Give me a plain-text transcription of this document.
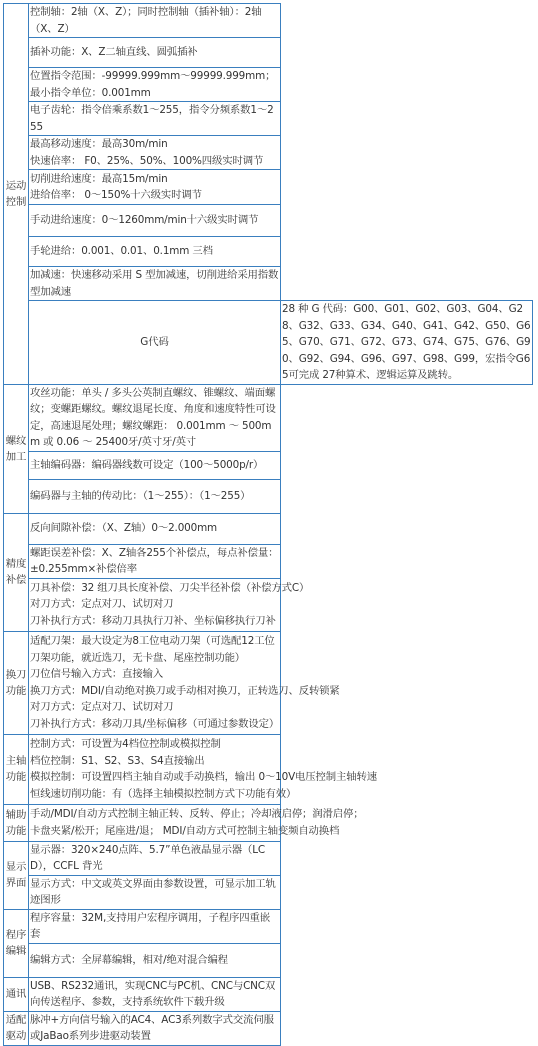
运动控制	控制轴：2轴（X、Z）；同时控制轴（插补轴）：2轴（X、Z）	
	插补功能：X、Z二轴直线、圆弧插补	
	位置指令范围：-99999.999mm～99999.999mm；最小指令单位：0.001mm	
	电子齿轮：指令倍乘系数1～255，指令分频系数1～255	

	最高移动速度：最高30m/min
快速倍率： F0、25%、50%、100%四级实时调节	

	切削进给速度：最高15m/min
进给倍率： 0～150%十六级实时调节	

	手动进给速度：0～1260mm/min十六级实时调节	
	手轮进给：0.001、0.01、0.1mm 三档	
	加减速：快速移动采用 S 型加减速，切削进给采用指数型加减速	
	G代码	28 种 G 代码：G00、G01、G02、G03、G04、G28、G32、G33、G34、G40、G41、G42、G50、G65、G70、G71、G72、G73、G74、G75、G76、G90、G92、G94、G96、G97、G98、G99，宏指令G65可完成 27种算术、逻辑运算及跳转。
螺纹加工	攻丝功能：单头 / 多头公英制直螺纹、锥螺纹、端面螺纹；变螺距螺纹。螺纹退尾长度、角度和速度特性可设定，高速退尾处理；螺纹螺距： 0.001mm ～ 500mm 或 0.06 ～ 25400牙/英寸牙/英寸	
	主轴编码器：编码器线数可设定（100～5000p/r）	
	编码器与主轴的传动比：（1～255）：（1～255）	
精度补偿	反向间隙补偿：（X、Z轴）0～2.000mm	
	螺距误差补偿：X、Z轴各255个补偿点，每点补偿量：±0.255mm×补偿倍率	

	刀具补偿：32 组刀具长度补偿、刀尖半径补偿（补偿方式C）
对刀方式：定点对刀、试切对刀
刀补执行方式：移动刀具执行刀补、坐标偏移执行刀补	

换刀功能	适配刀架：最大设定为8工位电动刀架（可选配12工位刀架功能，就近选刀，无卡盘、尾座控制功能）
刀位信号输入方式：直接输入
换刀方式：MDI/自动绝对换刀或手动相对换刀，正转选刀、反转锁紧
对刀方式：定点对刀、试切对刀
刀补执行方式：移动刀具/坐标偏移（可通过参数设定）	

主轴功能	控制方式：可设置为4档位控制或模拟控制
档位控制：S1、S2、S3、S4直接输出
模拟控制：可设置四档主轴自动或手动换档，输出 0～10V电压控制主轴转速
恒线速切削功能：有（选择主轴模拟控制方式下功能有效）	

辅助功能	手动/MDI/自动方式控制主轴正转、反转、停止；冷却液启停；润滑启停；
卡盘夹紧/松开；尾座进/退； MDI/自动方式可控制主轴变频自动换档	

显示界面	显示器：320×240点阵、5.7”单色液晶显示器（LCD），CCFL 背光	
	显示方式：中文或英文界面由参数设置，可显示加工轨迹图形	
程序编辑	程序容量：32M,支持用户宏程序调用，子程序四重嵌套	
	编辑方式：全屏幕编辑，相对/绝对混合编程	
通讯	USB、RS232通讯，实现CNC与PC机、CNC与CNC双向传送程序、参数，支持系统软件下载升级	
适配驱动	脉冲+方向信号输入的AC4、AC3系列数字式交流伺服或JaBao系列步进驱动装置	
